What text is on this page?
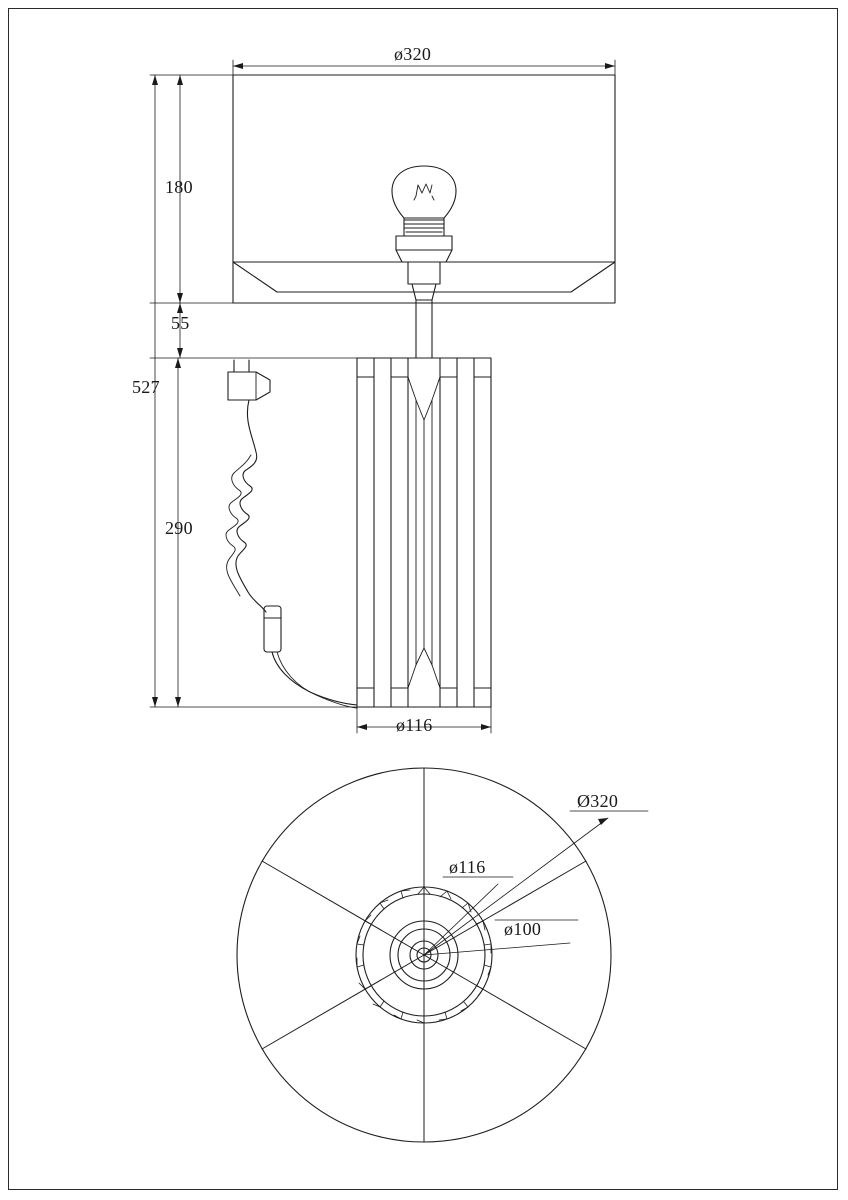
ø320
180
55
527
290
ø116
Ø320
ø116
ø100
